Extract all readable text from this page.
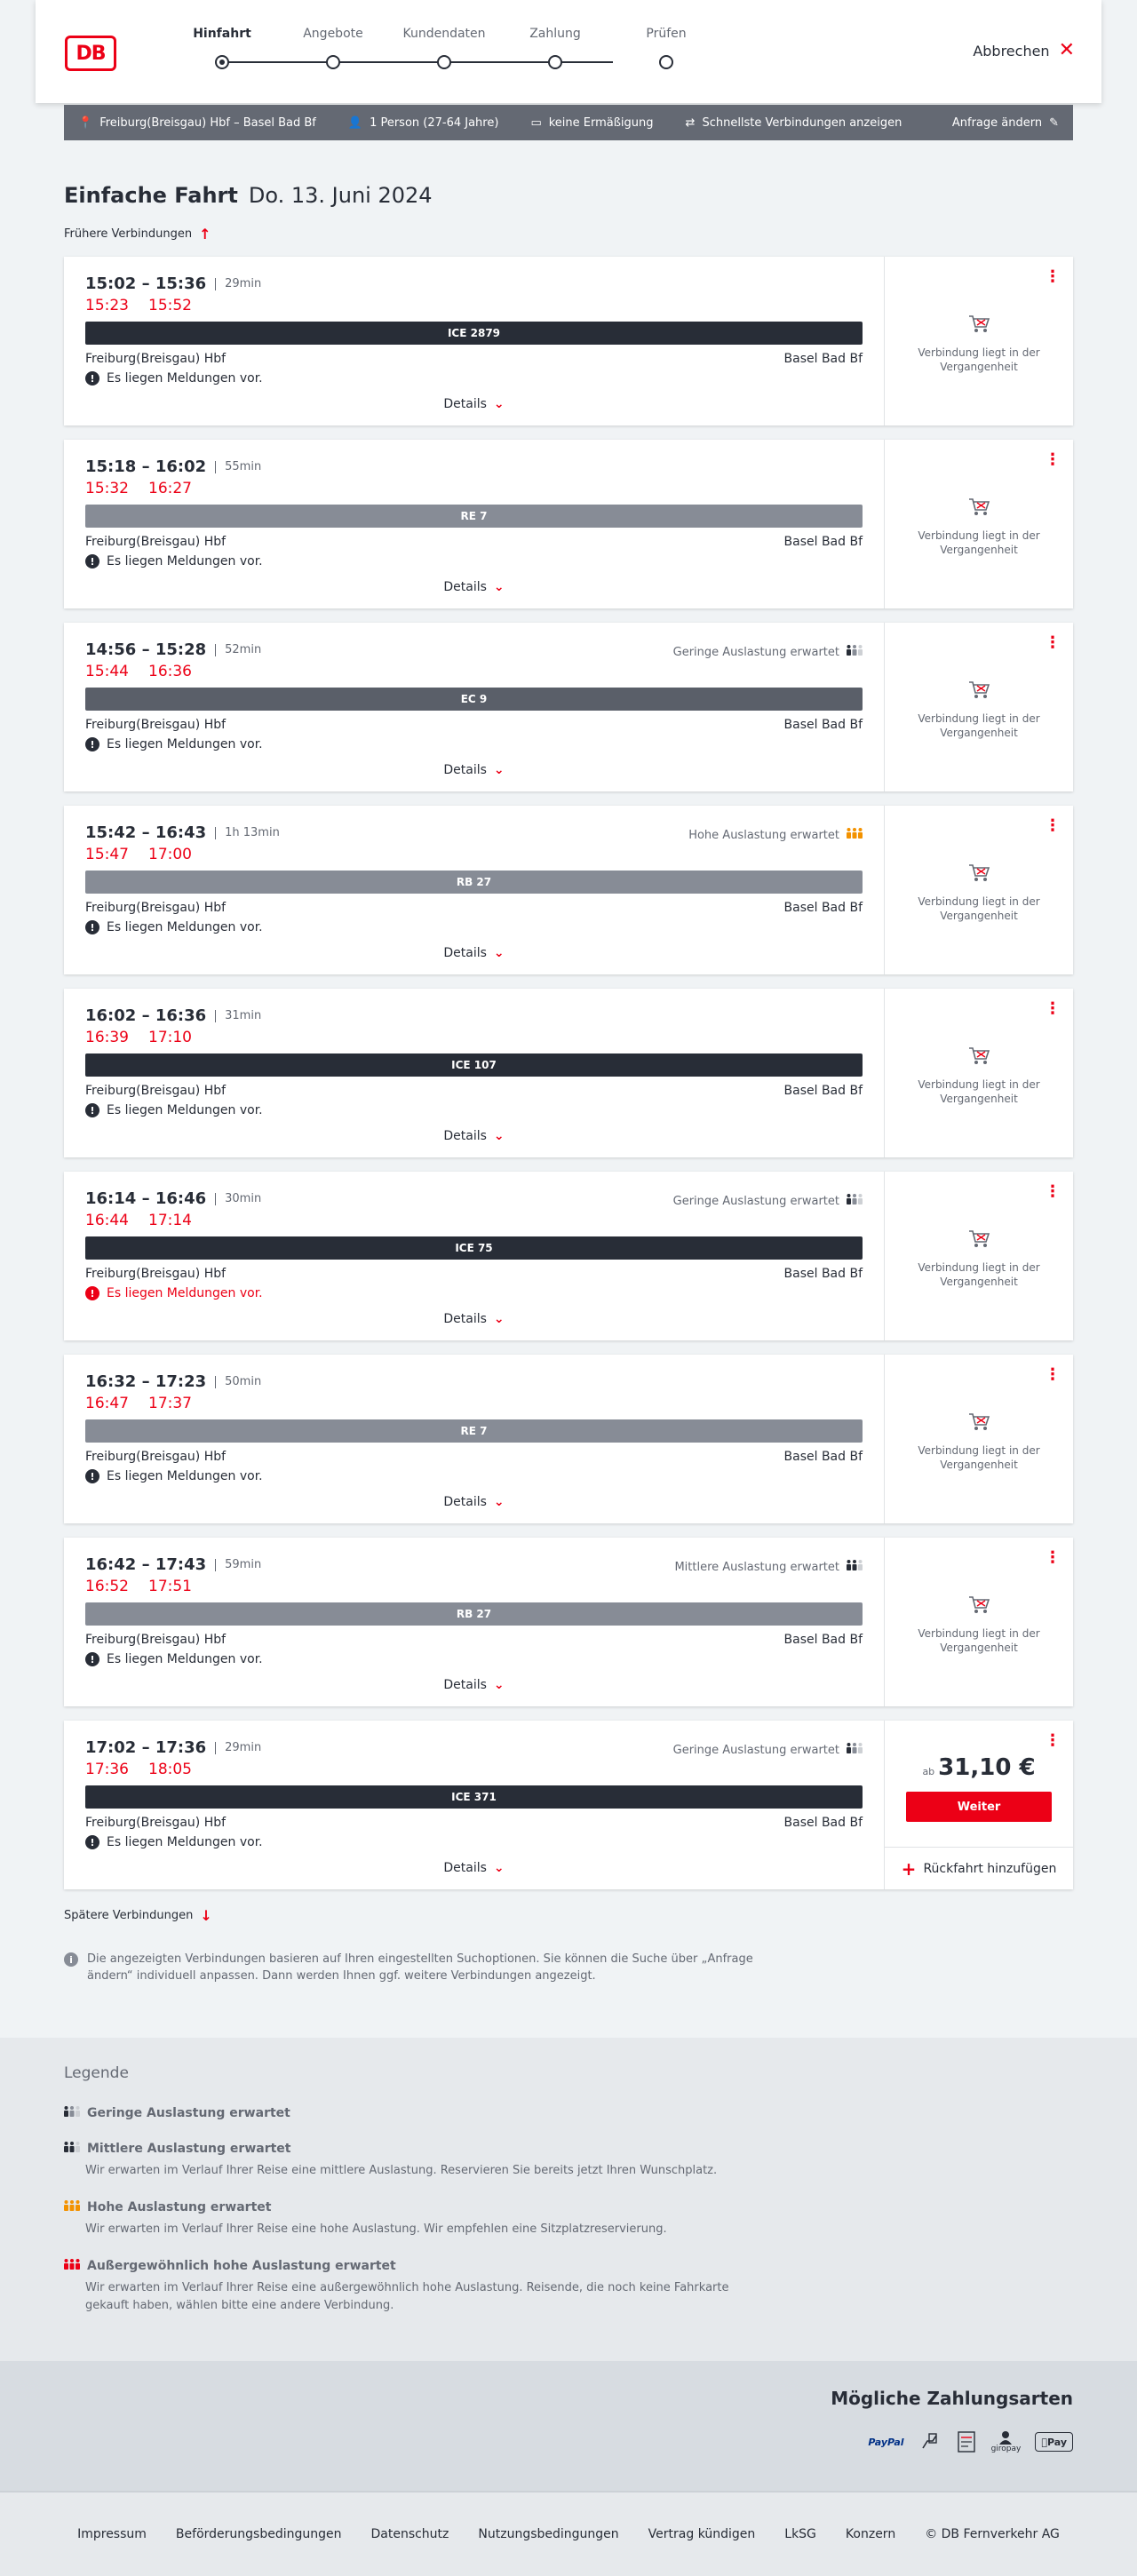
DB
Hinfahrt	Angebote	Kundendaten	Zahlung	Prüfen
Abbrechen ✕
📍 Freiburg(Breisgau) Hbf – Basel Bad Bf	👤 1 Person (27-64 Jahre)	▭ keine Ermäßigung	⇄ Schnellste Verbindungen anzeigen	Anfrage ändern ✎
Einfache Fahrt Do. 13. Juni 2024
Frühere Verbindungen ↑
15:02 – 15:36	29min
15:23 15:52
ICE 2879
Freiburg(Breisgau) Hbf	Basel Bad Bf
! Es liegen Meldungen vor.
Details ⌄
⋮
Verbindung liegt in der Vergangenheit
15:18 – 16:02	55min
15:32 16:27
RE 7
Freiburg(Breisgau) Hbf	Basel Bad Bf
! Es liegen Meldungen vor.
Details ⌄
⋮
Verbindung liegt in der Vergangenheit
14:56 – 15:28	52min	Geringe Auslastung erwartet
15:44 16:36
EC 9
Freiburg(Breisgau) Hbf	Basel Bad Bf
! Es liegen Meldungen vor.
Details ⌄
⋮
Verbindung liegt in der Vergangenheit
15:42 – 16:43	1h 13min	Hohe Auslastung erwartet
15:47 17:00
RB 27
Freiburg(Breisgau) Hbf	Basel Bad Bf
! Es liegen Meldungen vor.
Details ⌄
⋮
Verbindung liegt in der Vergangenheit
16:02 – 16:36	31min
16:39 17:10
ICE 107
Freiburg(Breisgau) Hbf	Basel Bad Bf
! Es liegen Meldungen vor.
Details ⌄
⋮
Verbindung liegt in der Vergangenheit
16:14 – 16:46	30min	Geringe Auslastung erwartet
16:44 17:14
ICE 75
Freiburg(Breisgau) Hbf	Basel Bad Bf
! Es liegen Meldungen vor.
Details ⌄
⋮
Verbindung liegt in der Vergangenheit
16:32 – 17:23	50min
16:47 17:37
RE 7
Freiburg(Breisgau) Hbf	Basel Bad Bf
! Es liegen Meldungen vor.
Details ⌄
⋮
Verbindung liegt in der Vergangenheit
16:42 – 17:43	59min	Mittlere Auslastung erwartet
16:52 17:51
RB 27
Freiburg(Breisgau) Hbf	Basel Bad Bf
! Es liegen Meldungen vor.
Details ⌄
⋮
Verbindung liegt in der Vergangenheit
17:02 – 17:36	29min	Geringe Auslastung erwartet
17:36 18:05
ICE 371
Freiburg(Breisgau) Hbf	Basel Bad Bf
! Es liegen Meldungen vor.
Details ⌄
⋮
ab 31,10 €
Weiter
+ Rückfahrt hinzufügen
Spätere Verbindungen ↓
i	Die angezeigten Verbindungen basieren auf Ihren eingestellten Suchoptionen. Sie können die Suche über „Anfrage ändern“ individuell anpassen. Dann werden Ihnen ggf. weitere Verbindungen angezeigt.
Legende
Geringe Auslastung erwartet
Mittlere Auslastung erwartet
Wir erwarten im Verlauf Ihrer Reise eine mittlere Auslastung. Reservieren Sie bereits jetzt Ihren Wunschplatz.
Hohe Auslastung erwartet
Wir erwarten im Verlauf Ihrer Reise eine hohe Auslastung. Wir empfehlen eine Sitzplatzreservierung.
Außergewöhnlich hohe Auslastung erwartet
Wir erwarten im Verlauf Ihrer Reise eine außergewöhnlich hohe Auslastung. Reisende, die noch keine Fahrkarte gekauft haben, wählen bitte eine andere Verbindung.
Mögliche Zahlungsarten
PayPal
giropay
Pay
Impressum Beförderungsbedingungen Datenschutz Nutzungsbedingungen Vertrag kündigen LkSG Konzern © DB Fernverkehr AG
